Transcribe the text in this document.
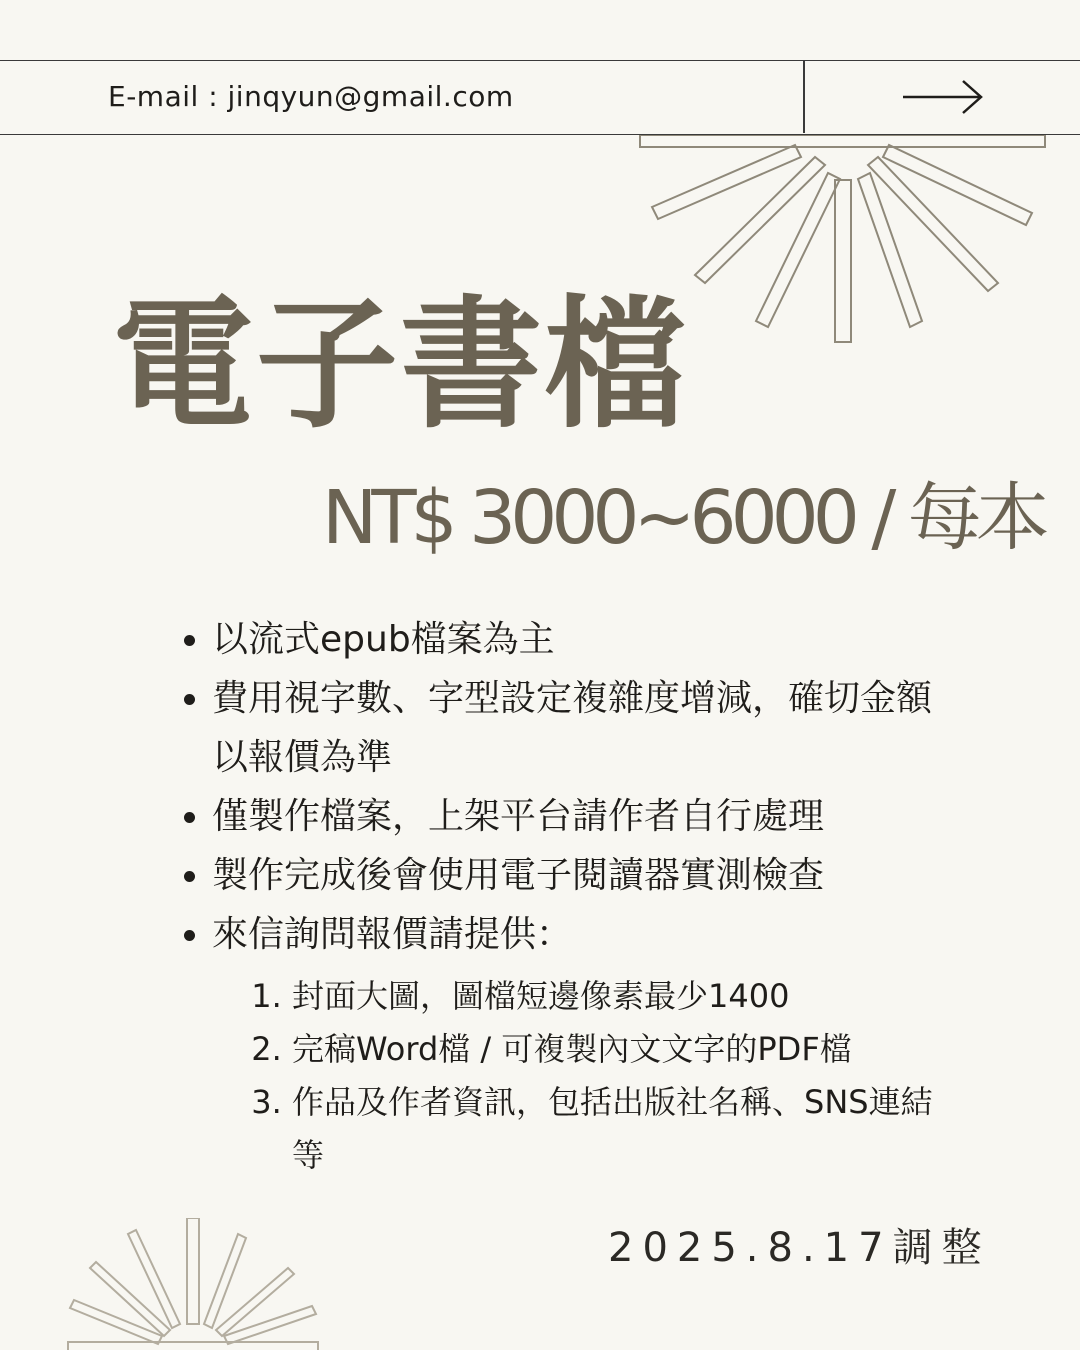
E-mail : jinqyun@gmail.com
電子書檔
NT$ 3000~6000 / 每本
• 以流式epub檔案為主
• 費用視字數、字型設定複雜度增減，確切金額以報價為準
• 僅製作檔案，上架平台請作者自行處理
• 製作完成後會使用電子閱讀器實測檢查
• 來信詢問報價請提供：
1. 封面大圖，圖檔短邊像素最少1400
2. 完稿Word檔 / 可複製內文文字的PDF檔
3. 作品及作者資訊，包括出版社名稱、SNS連結等
2025.8.17調整
